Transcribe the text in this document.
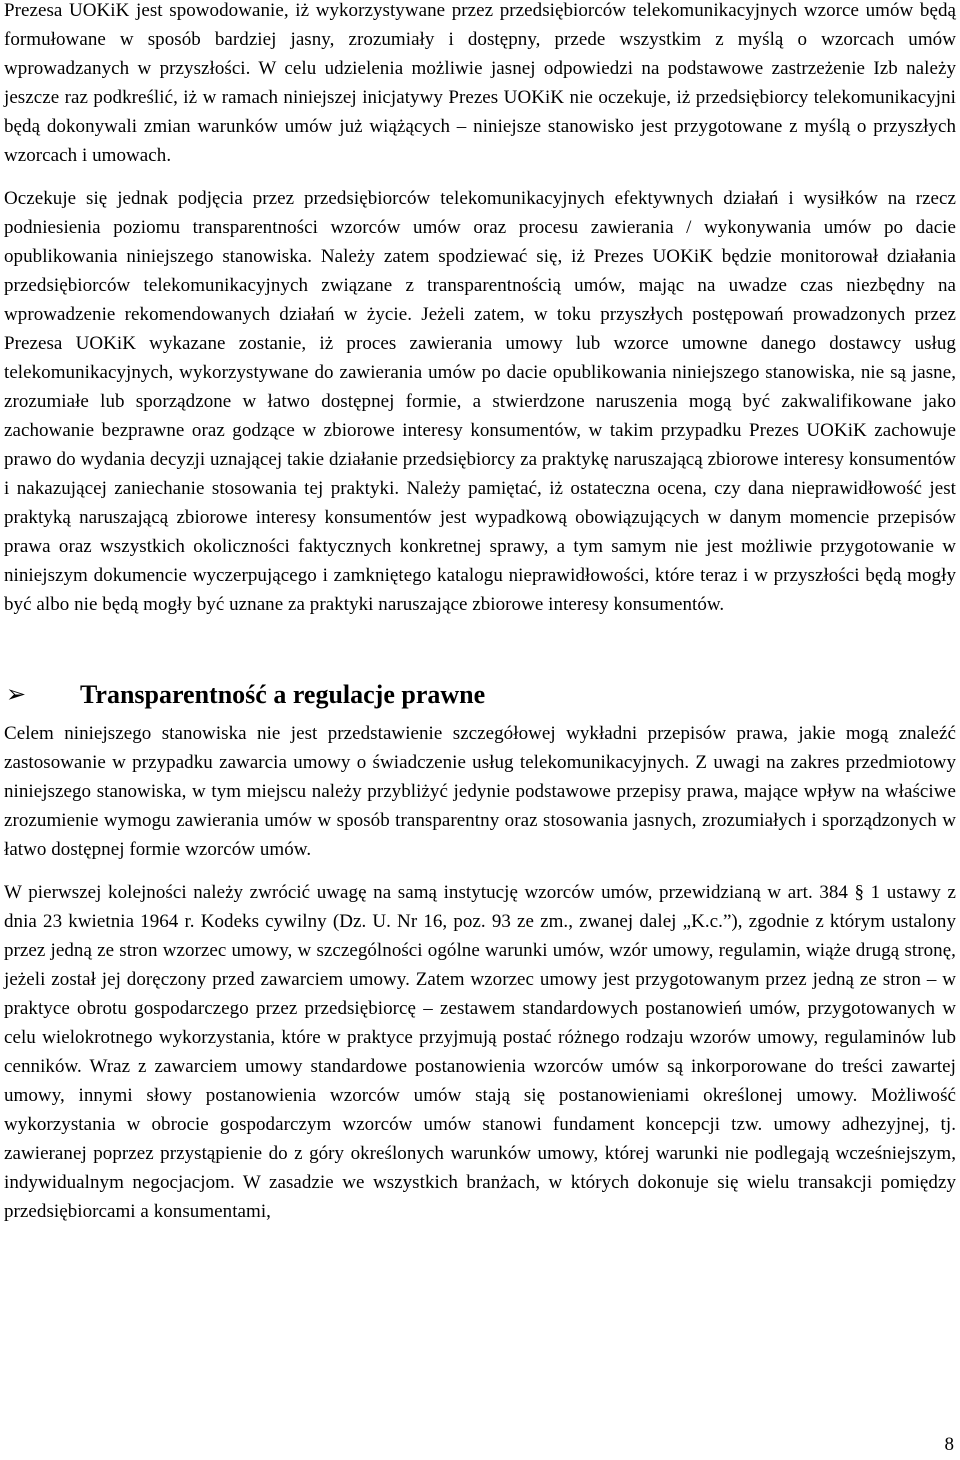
Prezesa UOKiK jest spowodowanie, iż wykorzystywane przez przedsiębiorców telekomunikacyjnych wzorce umów będą formułowane w sposób bardziej jasny, zrozumiały i dostępny, przede wszystkim z myślą o wzorcach umów wprowadzanych w przyszłości. W celu udzielenia możliwie jasnej odpowiedzi na podstawowe zastrzeżenie Izb należy jeszcze raz podkreślić, iż w ramach niniejszej inicjatywy Prezes UOKiK nie oczekuje, iż przedsiębiorcy telekomunikacyjni będą dokonywali zmian warunków umów już wiążących – niniejsze stanowisko jest przygotowane z myślą o przyszłych wzorcach i umowach.

Oczekuje się jednak podjęcia przez przedsiębiorców telekomunikacyjnych efektywnych działań i wysiłków na rzecz podniesienia poziomu transparentności wzorców umów oraz procesu zawierania / wykonywania umów po dacie opublikowania niniejszego stanowiska. Należy zatem spodziewać się, iż Prezes UOKiK będzie monitorował działania przedsiębiorców telekomunikacyjnych związane z transparentnością umów, mając na uwadze czas niezbędny na wprowadzenie rekomendowanych działań w życie. Jeżeli zatem, w toku przyszłych postępowań prowadzonych przez Prezesa UOKiK wykazane zostanie, iż proces zawierania umowy lub wzorce umowne danego dostawcy usług telekomunikacyjnych, wykorzystywane do zawierania umów po dacie opublikowania niniejszego stanowiska, nie są jasne, zrozumiałe lub sporządzone w łatwo dostępnej formie, a stwierdzone naruszenia mogą być zakwalifikowane jako zachowanie bezprawne oraz godzące w zbiorowe interesy konsumentów, w takim przypadku Prezes UOKiK zachowuje prawo do wydania decyzji uznającej takie działanie przedsiębiorcy za praktykę naruszającą zbiorowe interesy konsumentów i nakazującej zaniechanie stosowania tej praktyki. Należy pamiętać, iż ostateczna ocena, czy dana nieprawidłowość jest praktyką naruszającą zbiorowe interesy konsumentów jest wypadkową obowiązujących w danym momencie przepisów prawa oraz wszystkich okoliczności faktycznych konkretnej sprawy, a tym samym nie jest możliwie przygotowanie w niniejszym dokumencie wyczerpującego i zamkniętego katalogu nieprawidłowości, które teraz i w przyszłości będą mogły być albo nie będą mogły być uznane za praktyki naruszające zbiorowe interesy konsumentów.

➢	Transparentność a regulacje prawne

Celem niniejszego stanowiska nie jest przedstawienie szczegółowej wykładni przepisów prawa, jakie mogą znaleźć zastosowanie w przypadku zawarcia umowy o świadczenie usług telekomunikacyjnych. Z uwagi na zakres przedmiotowy niniejszego stanowiska, w tym miejscu należy przybliżyć jedynie podstawowe przepisy prawa, mające wpływ na właściwe zrozumienie wymogu zawierania umów w sposób transparentny oraz stosowania jasnych, zrozumiałych i sporządzonych w łatwo dostępnej formie wzorców umów.

W pierwszej kolejności należy zwrócić uwagę na samą instytucję wzorców umów, przewidzianą w art. 384 § 1 ustawy z dnia 23 kwietnia 1964 r. Kodeks cywilny (Dz. U. Nr 16, poz. 93 ze zm., zwanej dalej „K.c.”), zgodnie z którym ustalony przez jedną ze stron wzorzec umowy, w szczególności ogólne warunki umów, wzór umowy, regulamin, wiąże drugą stronę, jeżeli został jej doręczony przed zawarciem umowy. Zatem wzorzec umowy jest przygotowanym przez jedną ze stron – w praktyce obrotu gospodarczego przez przedsiębiorcę – zestawem standardowych postanowień umów, przygotowanych w celu wielokrotnego wykorzystania, które w praktyce przyjmują postać różnego rodzaju wzorów umowy, regulaminów lub cenników. Wraz z zawarciem umowy standardowe postanowienia wzorców umów są inkorporowane do treści zawartej umowy, innymi słowy postanowienia wzorców umów stają się postanowieniami określonej umowy. Możliwość wykorzystania w obrocie gospodarczym wzorców umów stanowi fundament koncepcji tzw. umowy adhezyjnej, tj. zawieranej poprzez przystąpienie do z góry określonych warunków umowy, której warunki nie podlegają wcześniejszym, indywidualnym negocjacjom. W zasadzie we wszystkich branżach, w których dokonuje się wielu transakcji pomiędzy przedsiębiorcami a konsumentami,

8
